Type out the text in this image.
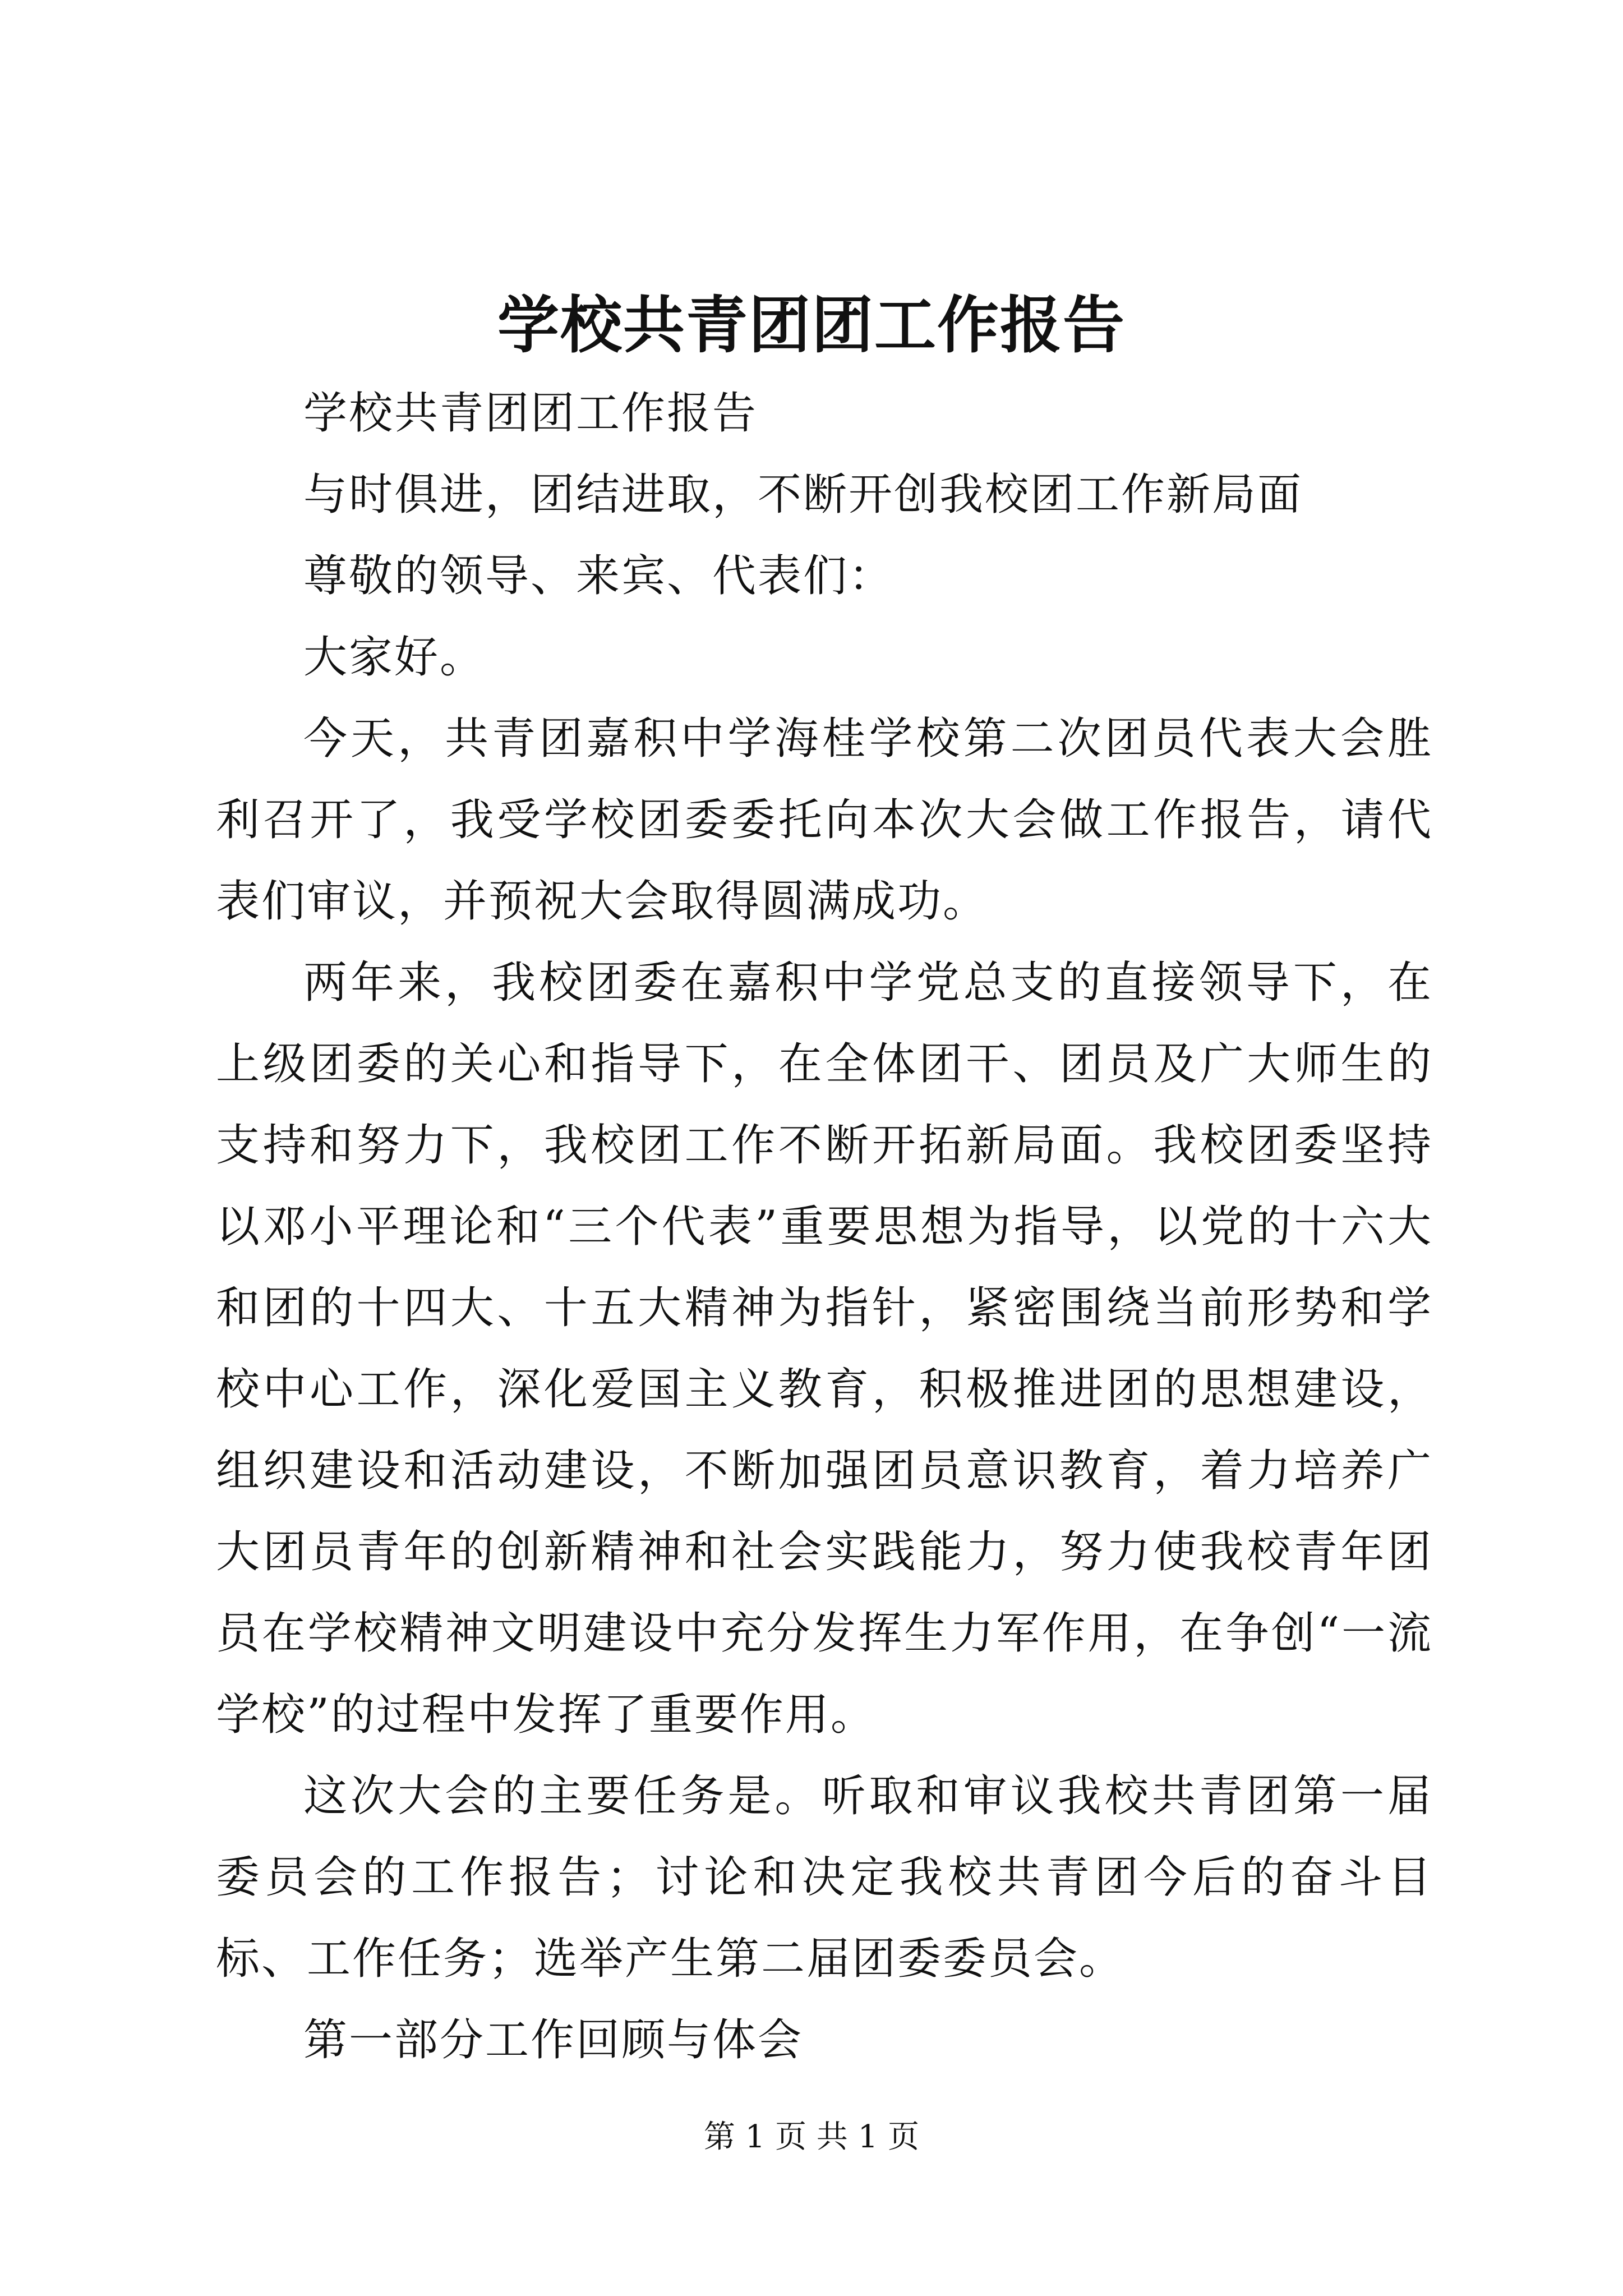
学校共青团团工作报告

学校共青团团工作报告

与时俱进，团结进取，不断开创我校团工作新局面

尊敬的领导、来宾、代表们：

大家好。

今天，共青团嘉积中学海桂学校第二次团员代表大会胜利召开了，我受学校团委委托向本次大会做工作报告，请代表们审议，并预祝大会取得圆满成功。

两年来，我校团委在嘉积中学党总支的直接领导下，在上级团委的关心和指导下，在全体团干、团员及广大师生的支持和努力下，我校团工作不断开拓新局面。我校团委坚持以邓小平理论和“三个代表”重要思想为指导，以党的十六大和团的十四大、十五大精神为指针，紧密围绕当前形势和学校中心工作，深化爱国主义教育，积极推进团的思想建设，组织建设和活动建设，不断加强团员意识教育，着力培养广大团员青年的创新精神和社会实践能力，努力使我校青年团员在学校精神文明建设中充分发挥生力军作用，在争创“一流学校”的过程中发挥了重要作用。

这次大会的主要任务是。听取和审议我校共青团第一届委员会的工作报告；讨论和决定我校共青团今后的奋斗目标、工作任务；选举产生第二届团委委员会。

第一部分工作回顾与体会

第 1 页 共 1 页
